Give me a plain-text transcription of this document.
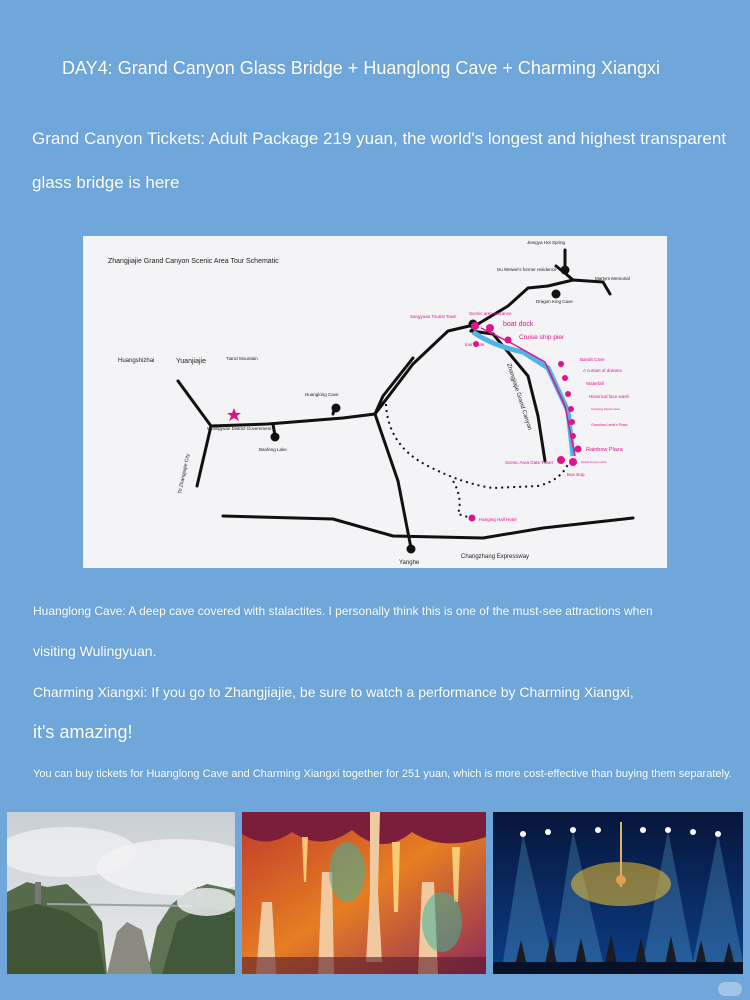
DAY4: Grand Canyon Glass Bridge + Huanglong Cave + Charming Xiangxi
Grand Canyon Tickets: Adult Package 219 yuan, the world's longest and highest transparent
glass bridge is here
Zhangjiajie Grand Canyon Scenic Area Tour Schematic
Jiangya Hot Spring
Du Weiwei's former residence
Martyrs Memorial
Dragon King Cave
Wulingyuan District Government
Huanglong Cave
Baofeng Lake
Tianzi Mountain
Huangshizhai	Yuanjiajie
Changzhang Expressway
Yanghe
To Zhangjiajie City
Zhangjiajie Grand Canyon
Sangyuan Tourist Town
Scenic area entrance
tour route
Bandit Cave
A curtain of dreams
Waterfall
Historical face wash
Camping Scenic Area
Grandma Lamb's Plaza
Scenic Area Gate Tower
Bus stop
Grand Canyon Exit
Hanging Hall Hotel
Rainbow Plaza
boat dock
Cruise ship pier
Huanglong Cave: A deep cave covered with stalactites. I personally think this is one of the must-see attractions when
visiting Wulingyuan.
Charming Xiangxi: If you go to Zhangjiajie, be sure to watch a performance by Charming Xiangxi,
it's amazing!
You can buy tickets for Huanglong Cave and Charming Xiangxi together for 251 yuan, which is more cost-effective than buying them separately.
